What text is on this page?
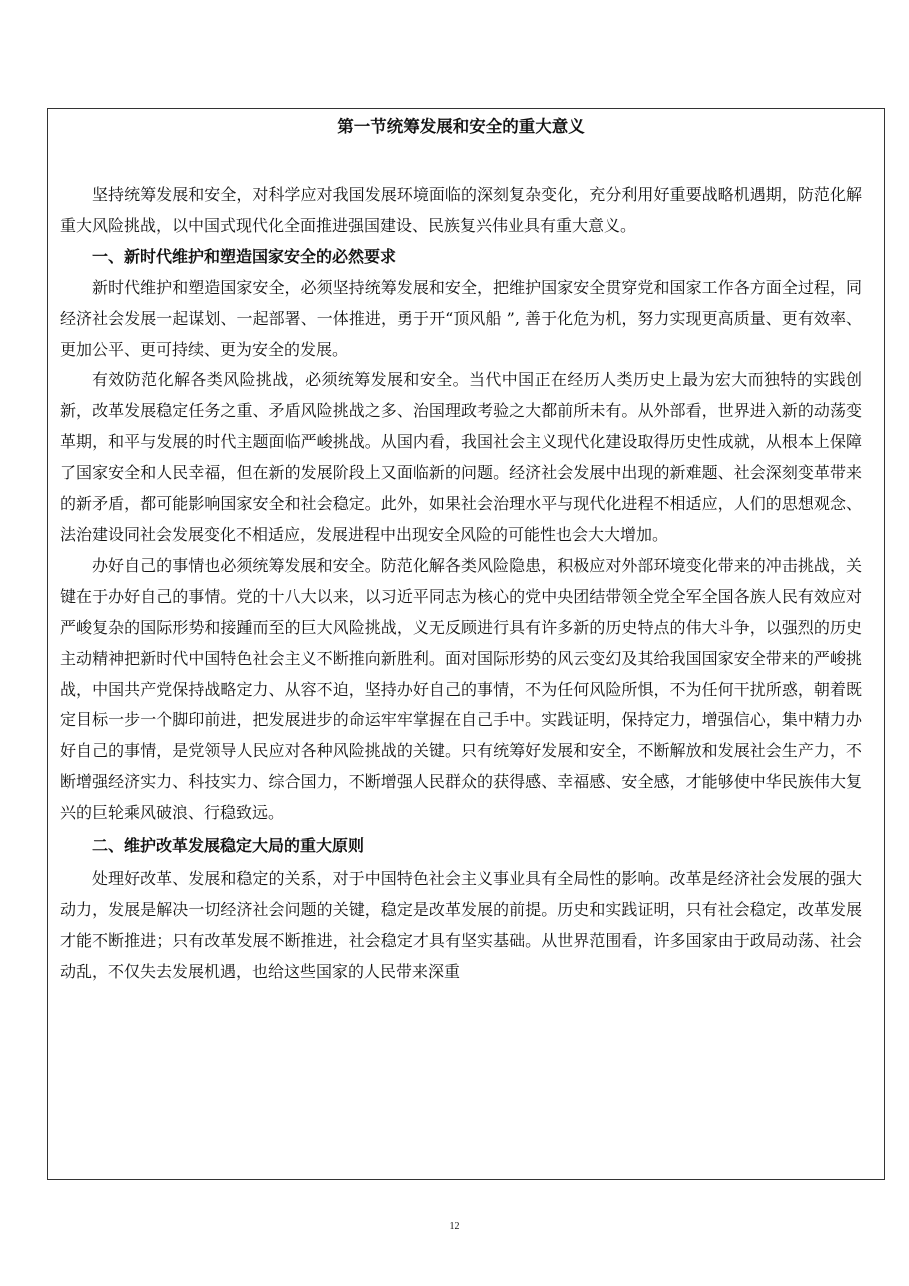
第一节统筹发展和安全的重大意义

坚持统筹发展和安全，对科学应对我国发展环境面临的深刻复杂变化，充分利用好重要战略机遇期，防范化解重大风险挑战，以中国式现代化全面推进强国建设、民族复兴伟业具有重大意义。

一、新时代维护和塑造国家安全的必然要求

新时代维护和塑造国家安全，必须坚持统筹发展和安全，把维护国家安全贯穿党和国家工作各方面全过程，同经济社会发展一起谋划、一起部署、一体推进，勇于开“顶风船 ”, 善于化危为机，努力实现更高质量、更有效率、更加公平、更可持续、更为安全的发展。

有效防范化解各类风险挑战，必须统筹发展和安全。当代中国正在经历人类历史上最为宏大而独特的实践创新，改革发展稳定任务之重、矛盾风险挑战之多、治国理政考验之大都前所未有。从外部看，世界进入新的动荡变革期，和平与发展的时代主题面临严峻挑战。从国内看，我国社会主义现代化建设取得历史性成就，从根本上保障了国家安全和人民幸福，但在新的发展阶段上又面临新的问题。经济社会发展中出现的新难题、社会深刻变革带来的新矛盾，都可能影响国家安全和社会稳定。此外，如果社会治理水平与现代化进程不相适应，人们的思想观念、法治建设同社会发展变化不相适应，发展进程中出现安全风险的可能性也会大大增加。

办好自己的事情也必须统筹发展和安全。防范化解各类风险隐患，积极应对外部环境变化带来的冲击挑战，关键在于办好自己的事情。党的十八大以来，以习近平同志为核心的党中央团结带领全党全军全国各族人民有效应对严峻复杂的国际形势和接踵而至的巨大风险挑战，义无反顾进行具有许多新的历史特点的伟大斗争，以强烈的历史主动精神把新时代中国特色社会主义不断推向新胜利。面对国际形势的风云变幻及其给我国国家安全带来的严峻挑战，中国共产党保持战略定力、从容不迫，坚持办好自己的事情，不为任何风险所惧，不为任何干扰所惑，朝着既定目标一步一个脚印前进，把发展进步的命运牢牢掌握在自己手中。实践证明，保持定力，增强信心，集中精力办好自己的事情，是党领导人民应对各种风险挑战的关键。只有统筹好发展和安全，不断解放和发展社会生产力，不断增强经济实力、科技实力、综合国力，不断增强人民群众的获得感、幸福感、安全感，才能够使中华民族伟大复兴的巨轮乘风破浪、行稳致远。

二、维护改革发展稳定大局的重大原则

处理好改革、发展和稳定的关系，对于中国特色社会主义事业具有全局性的影响。改革是经济社会发展的强大动力，发展是解决一切经济社会问题的关键，稳定是改革发展的前提。历史和实践证明，只有社会稳定，改革发展才能不断推进；只有改革发展不断推进，社会稳定才具有坚实基础。从世界范围看，许多国家由于政局动荡、社会动乱，不仅失去发展机遇，也给这些国家的人民带来深重

12
